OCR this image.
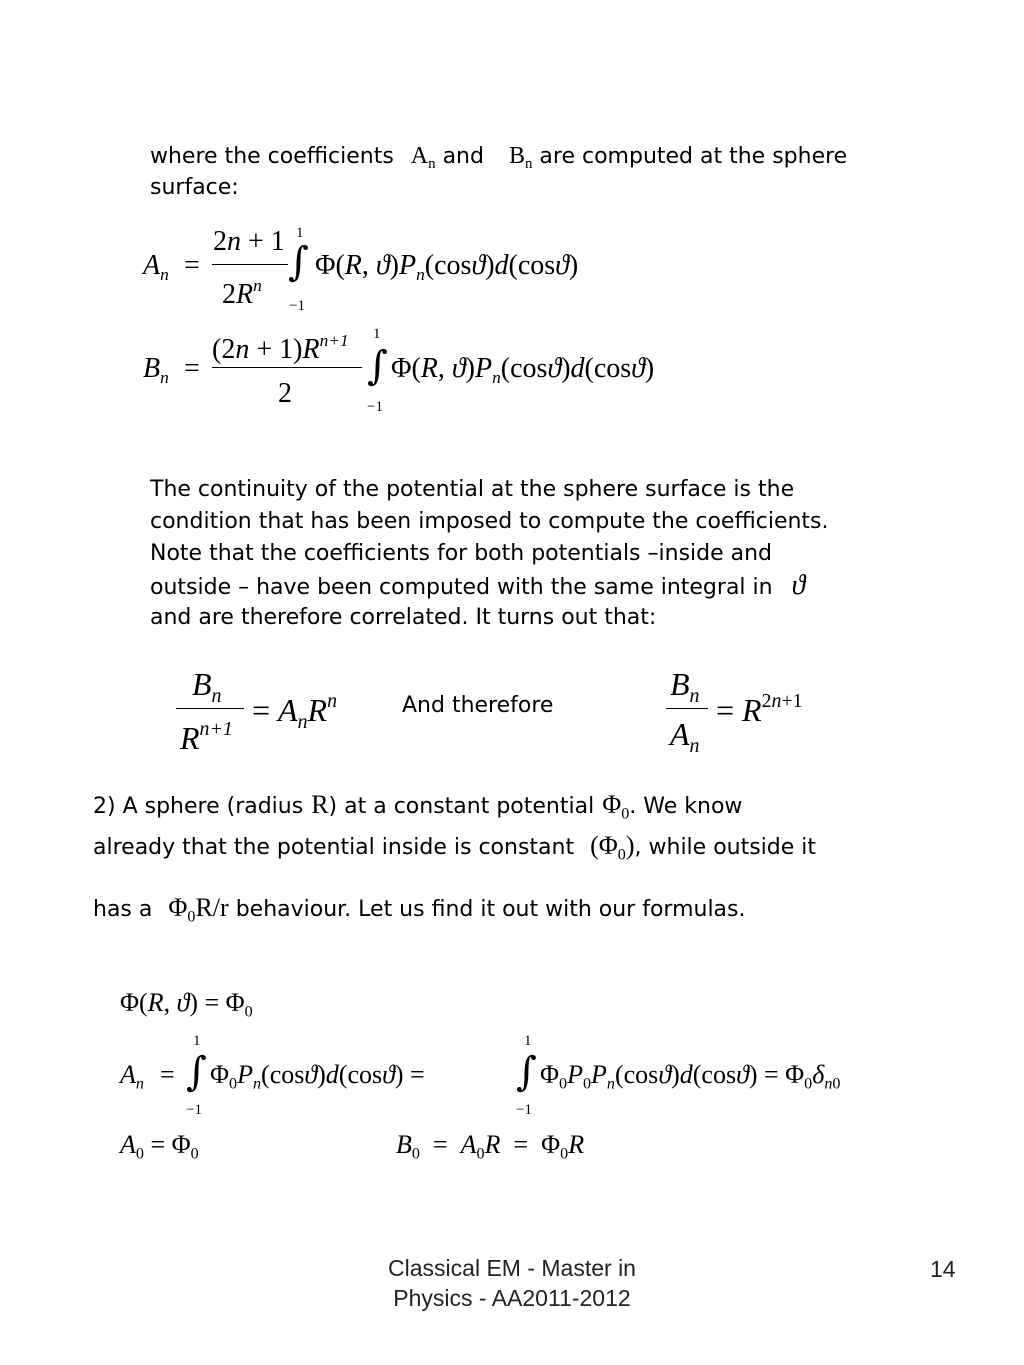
where the coefficients $A_n$ and $B_n$ are computed at the sphere
surface:
$A_n$ =
2n + 1
$2R^n$
1
∫
−1
Φ(R, $ϑ)P_n(\cos ϑ)d(\cos ϑ)$
$B_n$ =
$(2n + 1)R^{n+1}$
2
1
∫
−1
Φ(R, $ϑ)P_n(\cos ϑ)d(\cos ϑ)$
The continuity of the potential at the sphere surface is the
condition that has been imposed to compute the coefficients.
Note that the coefficients for both potentials –inside and
outside – have been computed with the same integral in ϑ
and are therefore correlated. It turns out that:
$B_n$
$R^{n+1}$
= $A_nR^n$	And therefore
$B_n$
$A_n$
= $R^{2n+1}$
2) A sphere (radius R) at a constant potential $\Phi_0$. We know
already that the potential inside is constant $(\Phi_0)$, while outside it
has a $\Phi_0R/r$ behaviour. Let us find it out with our formulas.
Φ(R, $ϑ) = \Phi_0$
$A_n$ =
1
∫
−1
$\Phi_0P_n(\cos ϑ)d(\cos ϑ)$ =
1
∫
−1
$\Phi_0P_0P_n(\cos ϑ)d(\cos ϑ) = \Phi_0\delta_{n0}$
$A_0 = \Phi_0$	$B_0 = A_0R = \Phi_0R$
Classical EM - Master in
Physics - AA2011-2012
14
